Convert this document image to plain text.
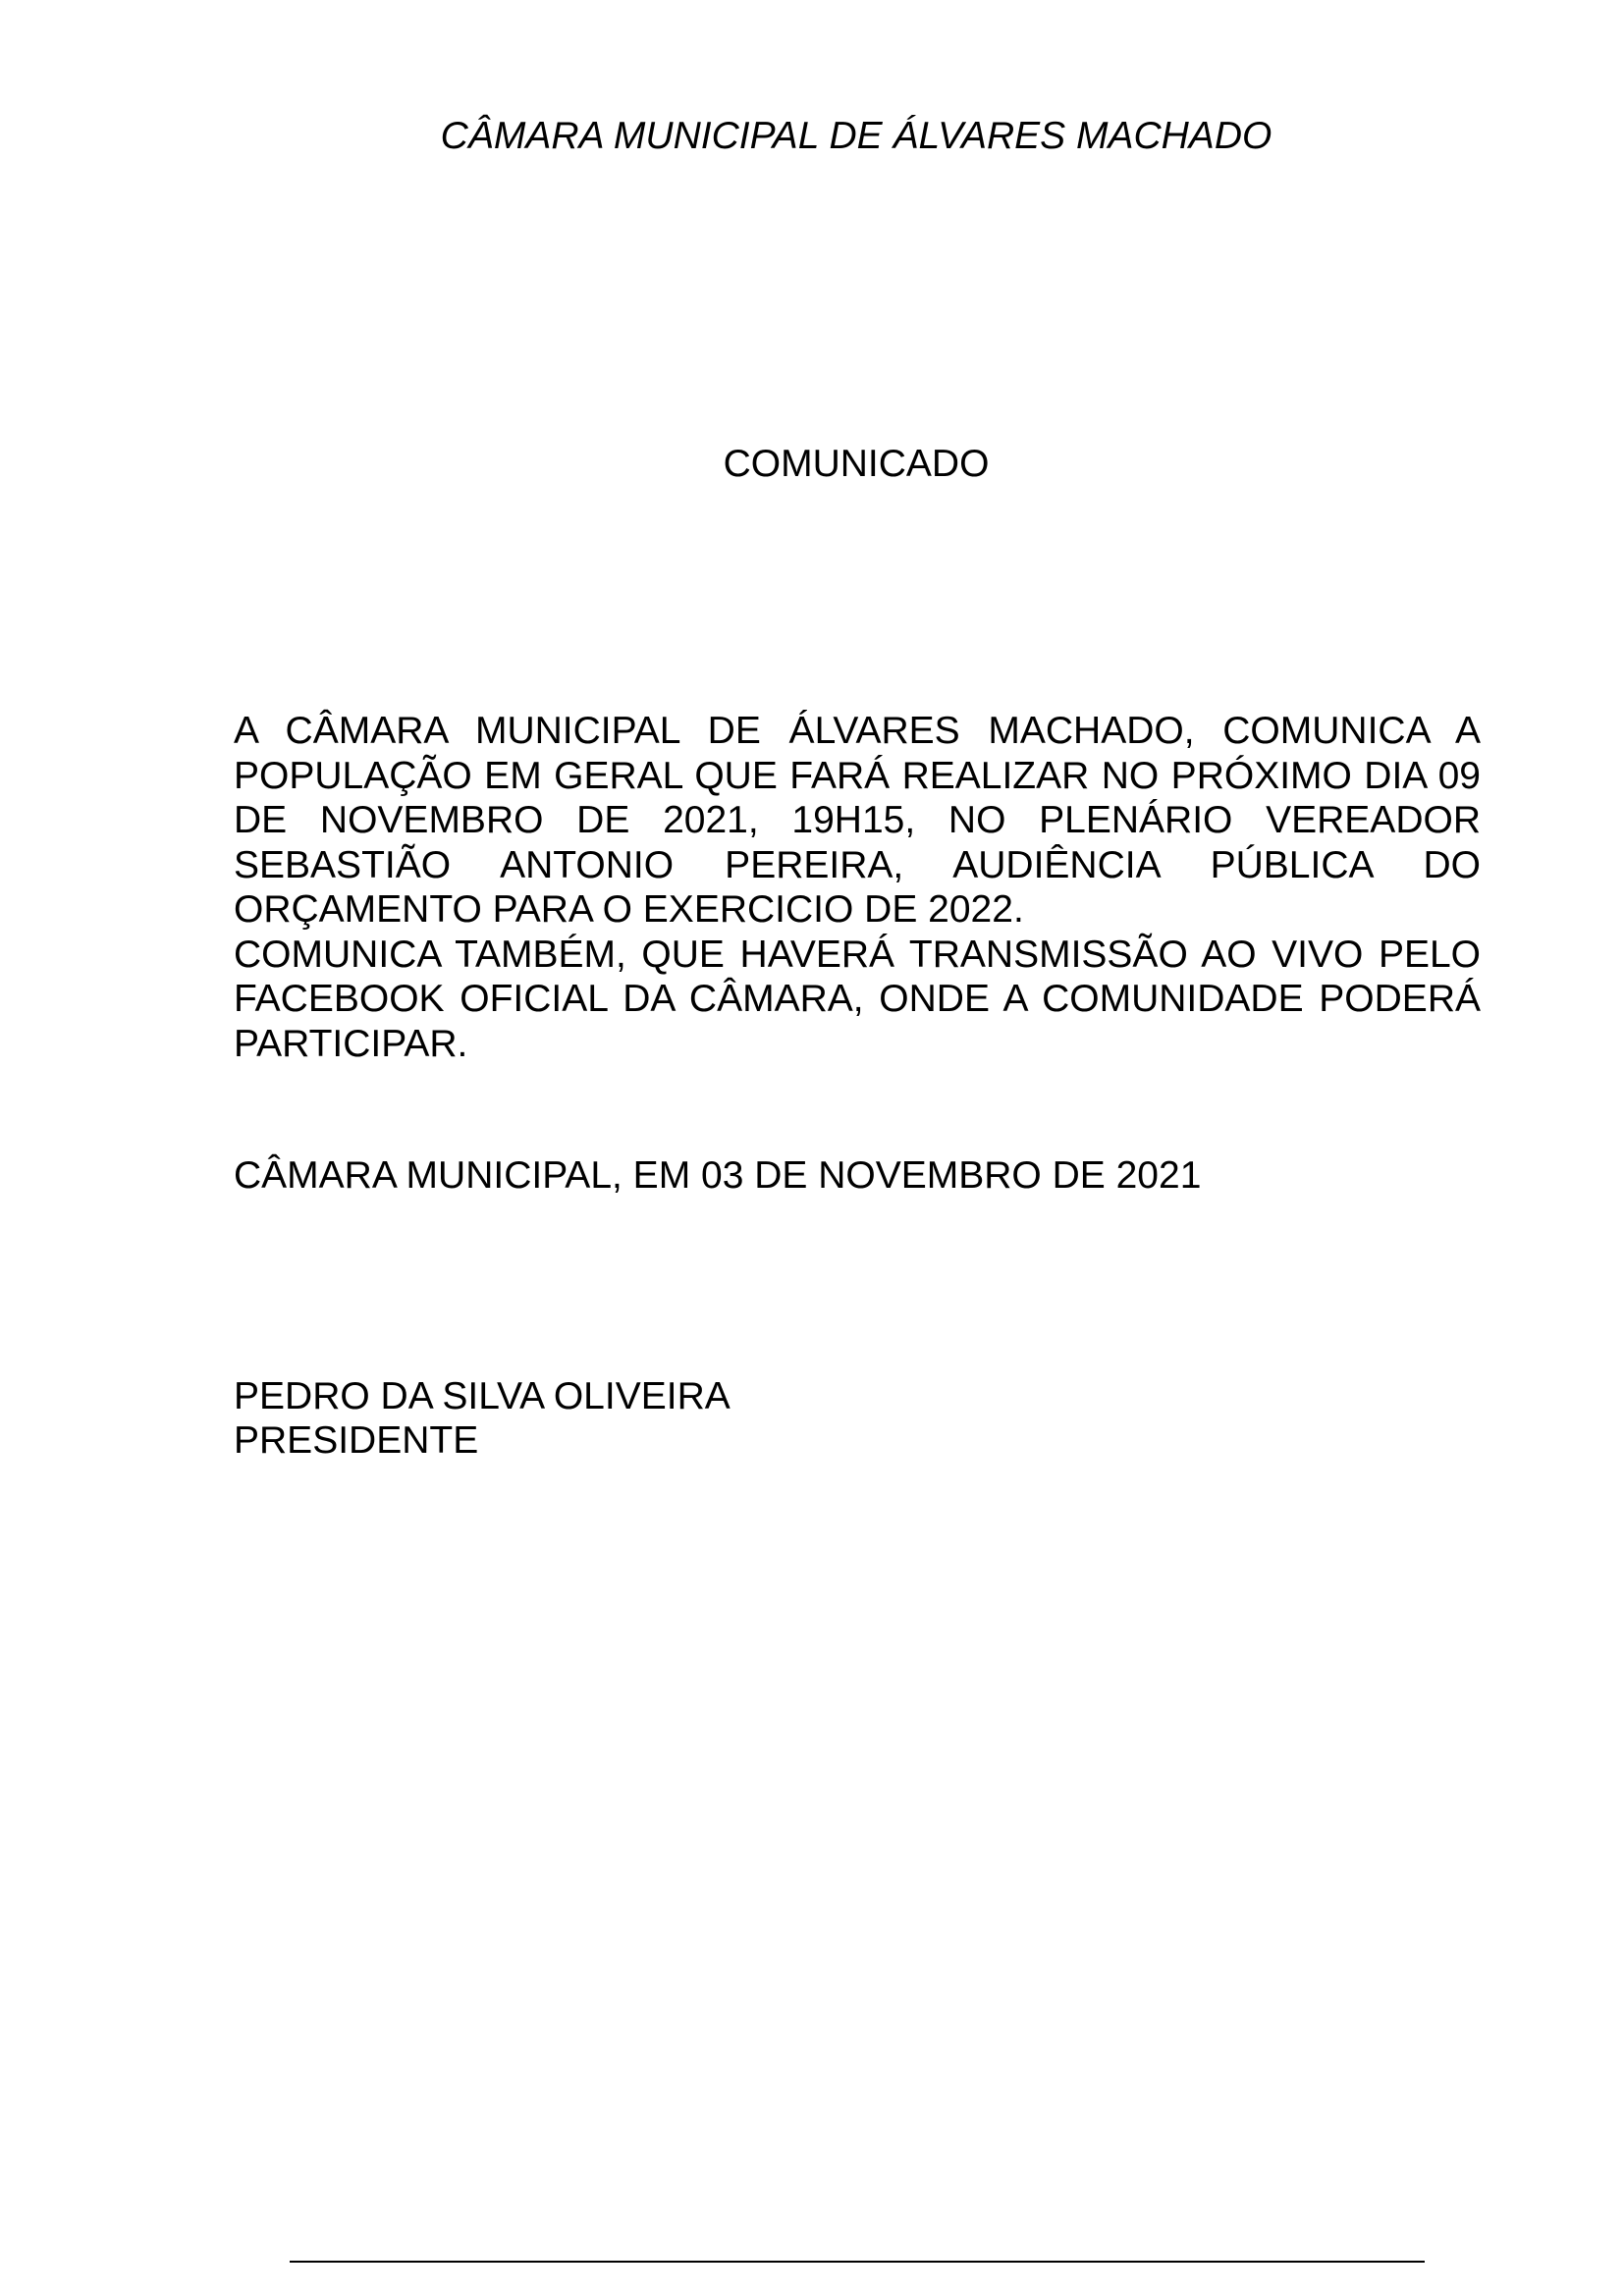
CÂMARA MUNICIPAL DE ÁLVARES MACHADO
COMUNICADO

A CÂMARA MUNICIPAL DE ÁLVARES MACHADO, COMUNICA A POPULAÇÃO EM GERAL QUE FARÁ REALIZAR NO PRÓXIMO DIA 09 DE NOVEMBRO DE 2021, 19H15, NO PLENÁRIO VEREADOR SEBASTIÃO ANTONIO PEREIRA, AUDIÊNCIA PÚBLICA DO ORÇAMENTO PARA O EXERCICIO DE 2022.

COMUNICA TAMBÉM, QUE HAVERÁ TRANSMISSÃO AO VIVO PELO FACEBOOK OFICIAL DA CÂMARA, ONDE A COMUNIDADE PODERÁ PARTICIPAR.

CÂMARA MUNICIPAL, EM 03 DE NOVEMBRO DE 2021
PEDRO DA SILVA OLIVEIRA
PRESIDENTE
